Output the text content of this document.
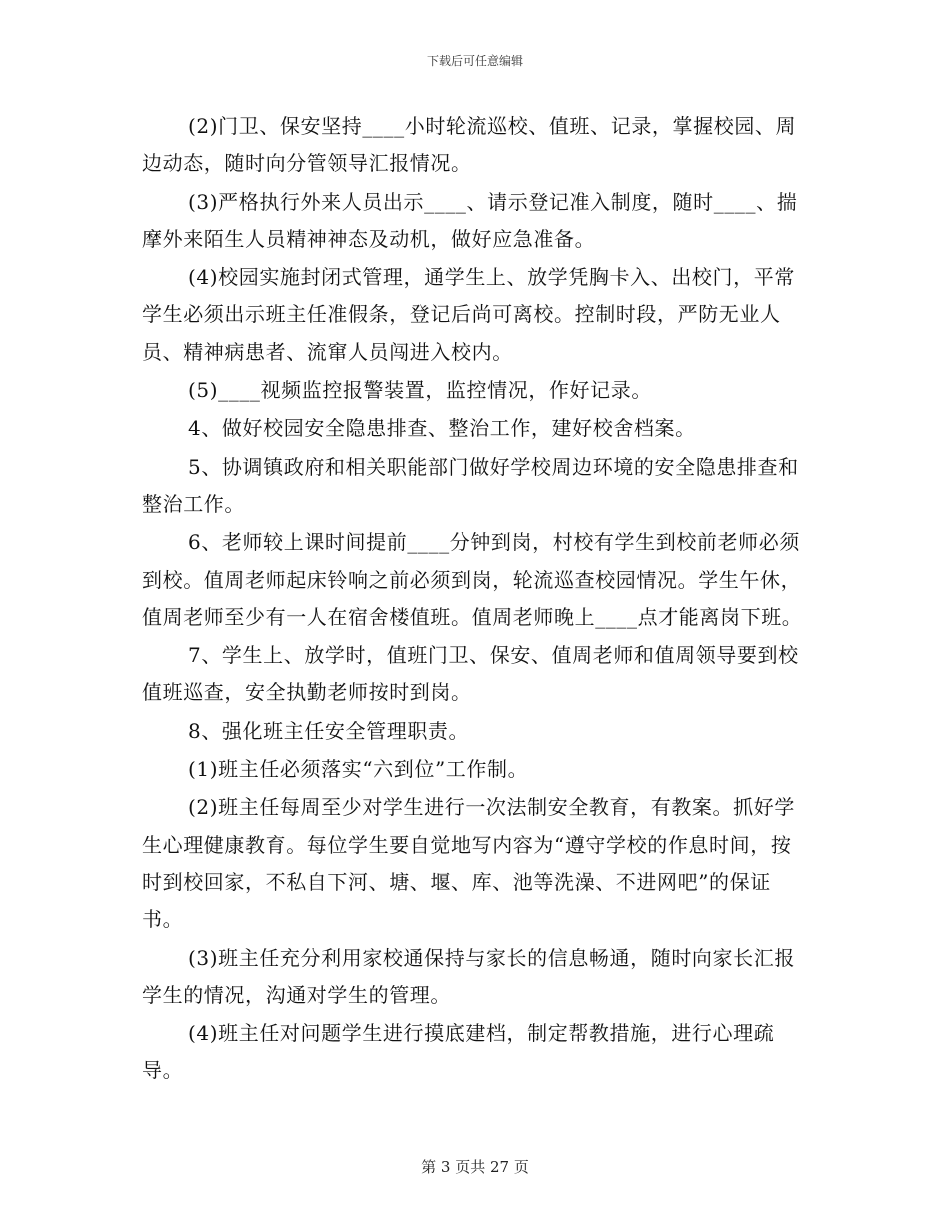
下载后可任意编辑

(2)门卫、保安坚持____小时轮流巡校、值班、记录，掌握校园、周边动态，随时向分管领导汇报情况。

(3)严格执行外来人员出示____、请示登记准入制度，随时____、揣摩外来陌生人员精神神态及动机，做好应急准备。

(4)校园实施封闭式管理，通学生上、放学凭胸卡入、出校门，平常学生必须出示班主任准假条，登记后尚可离校。控制时段，严防无业人员、精神病患者、流窜人员闯进入校内。

(5)____视频监控报警装置，监控情况，作好记录。

4、做好校园安全隐患排查、整治工作，建好校舍档案。

5、协调镇政府和相关职能部门做好学校周边环境的安全隐患排查和整治工作。

6、老师较上课时间提前____分钟到岗，村校有学生到校前老师必须到校。值周老师起床铃响之前必须到岗，轮流巡查校园情况。学生午休，值周老师至少有一人在宿舍楼值班。值周老师晚上____点才能离岗下班。

7、学生上、放学时，值班门卫、保安、值周老师和值周领导要到校值班巡查，安全执勤老师按时到岗。

8、强化班主任安全管理职责。

(1)班主任必须落实“六到位”工作制。

(2)班主任每周至少对学生进行一次法制安全教育，有教案。抓好学生心理健康教育。每位学生要自觉地写内容为“遵守学校的作息时间，按时到校回家，不私自下河、塘、堰、库、池等洗澡、不进网吧”的保证书。

(3)班主任充分利用家校通保持与家长的信息畅通，随时向家长汇报学生的情况，沟通对学生的管理。

(4)班主任对问题学生进行摸底建档，制定帮教措施，进行心理疏导。

第 3 页共 27 页
